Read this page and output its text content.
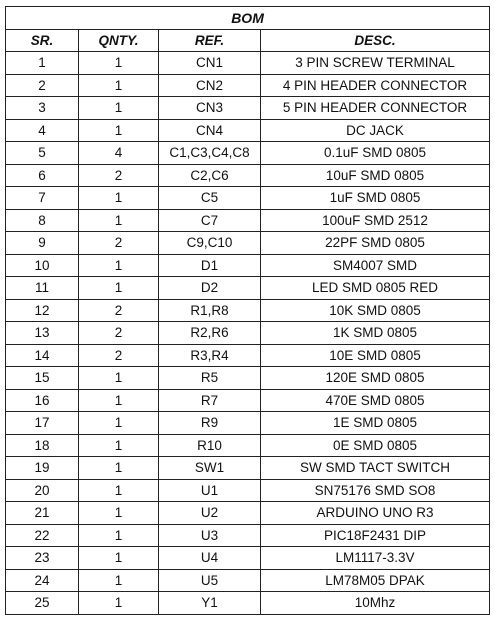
BOM			
SR.	QNTY.	REF.	DESC.
1	1	CN1	3 PIN SCREW TERMINAL
2	1	CN2	4 PIN HEADER CONNECTOR
3	1	CN3	5 PIN HEADER CONNECTOR
4	1	CN4	DC JACK
5	4	C1,C3,C4,C8	0.1uF SMD 0805
6	2	C2,C6	10uF SMD 0805
7	1	C5	1uF SMD 0805
8	1	C7	100uF SMD 2512
9	2	C9,C10	22PF SMD 0805
10	1	D1	SM4007 SMD
11	1	D2	LED SMD 0805 RED
12	2	R1,R8	10K SMD 0805
13	2	R2,R6	1K SMD 0805
14	2	R3,R4	10E SMD 0805
15	1	R5	120E SMD 0805
16	1	R7	470E SMD 0805
17	1	R9	1E SMD 0805
18	1	R10	0E SMD 0805
19	1	SW1	SW SMD TACT SWITCH
20	1	U1	SN75176 SMD SO8
21	1	U2	ARDUINO UNO R3
22	1	U3	PIC18F2431 DIP
23	1	U4	LM1117-3.3V
24	1	U5	LM78M05 DPAK
25	1	Y1	10Mhz
